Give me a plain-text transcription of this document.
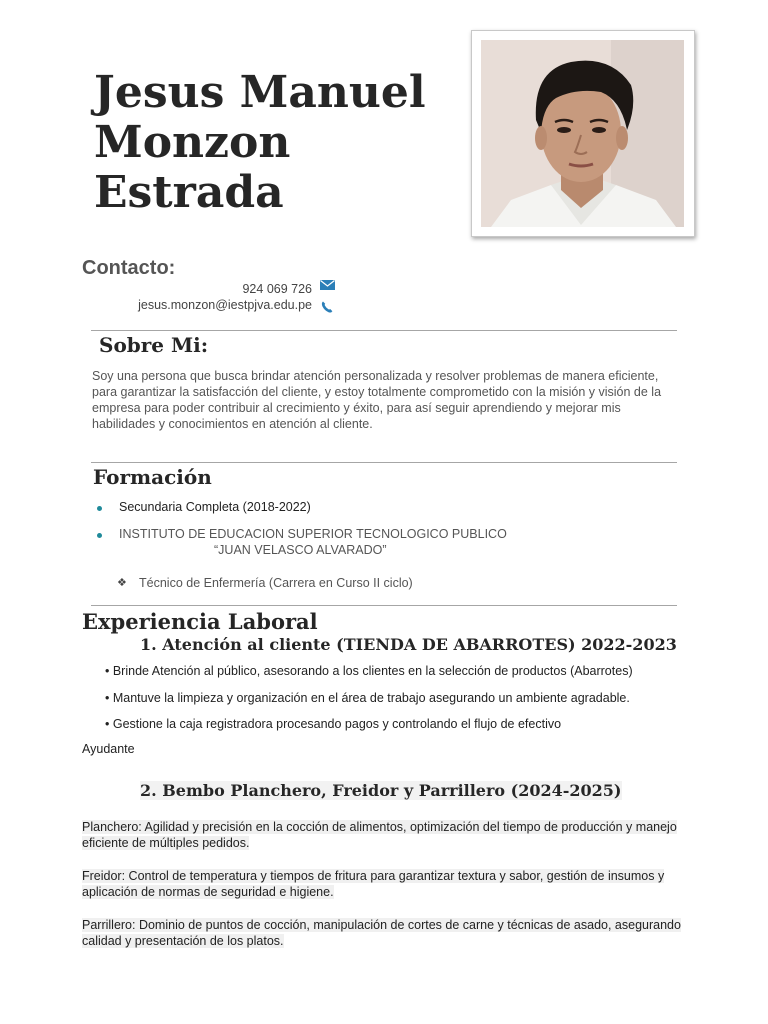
Jesus Manuel
Monzon
Estrada
Contacto:
924 069 726
jesus.monzon@iestpjva.edu.pe
Sobre Mi:
Soy una persona que busca brindar atención personalizada y resolver problemas de manera eficiente, para garantizar la satisfacción del cliente, y estoy totalmente comprometido con la misión y visión de la empresa para poder contribuir al crecimiento y éxito, para así seguir aprendiendo y mejorar mis habilidades y conocimientos en atención al cliente.
Formación
Secundaria Completa (2018-2022)
INSTITUTO DE EDUCACION SUPERIOR TECNOLOGICO PUBLICO
“JUAN VELASCO ALVARADO”
❖ Técnico de Enfermería (Carrera en Curso II ciclo)
Experiencia Laboral
1. Atención al cliente (TIENDA DE ABARROTES) 2022-2023
• Brinde Atención al público, asesorando a los clientes en la selección de productos (Abarrotes)
• Mantuve la limpieza y organización en el área de trabajo asegurando un ambiente agradable.
• Gestione la caja registradora procesando pagos y controlando el flujo de efectivo
Ayudante
2. Bembo Planchero, Freidor y Parrillero (2024-2025)
Planchero: Agilidad y precisión en la cocción de alimentos, optimización del tiempo de producción y manejo eficiente de múltiples pedidos.
Freidor: Control de temperatura y tiempos de fritura para garantizar textura y sabor, gestión de insumos y aplicación de normas de seguridad e higiene.
Parrillero: Dominio de puntos de cocción, manipulación de cortes de carne y técnicas de asado, asegurando calidad y presentación de los platos.
